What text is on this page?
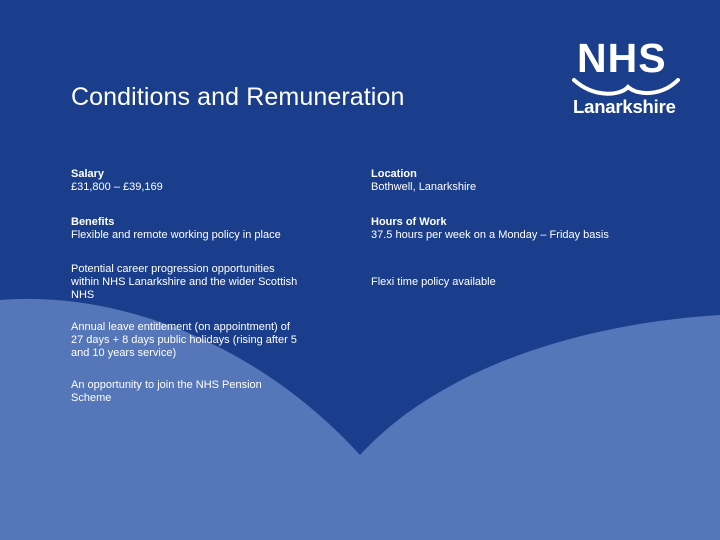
Conditions and Remuneration
NHS
Lanarkshire

Salary

£31,800 – £39,169

Benefits

Flexible and remote working policy in place

Potential career progression opportunities within NHS Lanarkshire and the wider Scottish NHS

Annual leave entitlement (on appointment) of 27 days + 8 days public holidays (rising after 5 and 10 years service)

An opportunity to join the NHS Pension Scheme

Location

Bothwell, Lanarkshire

Hours of Work

37.5 hours per week on a Monday – Friday basis

Flexi time policy available
